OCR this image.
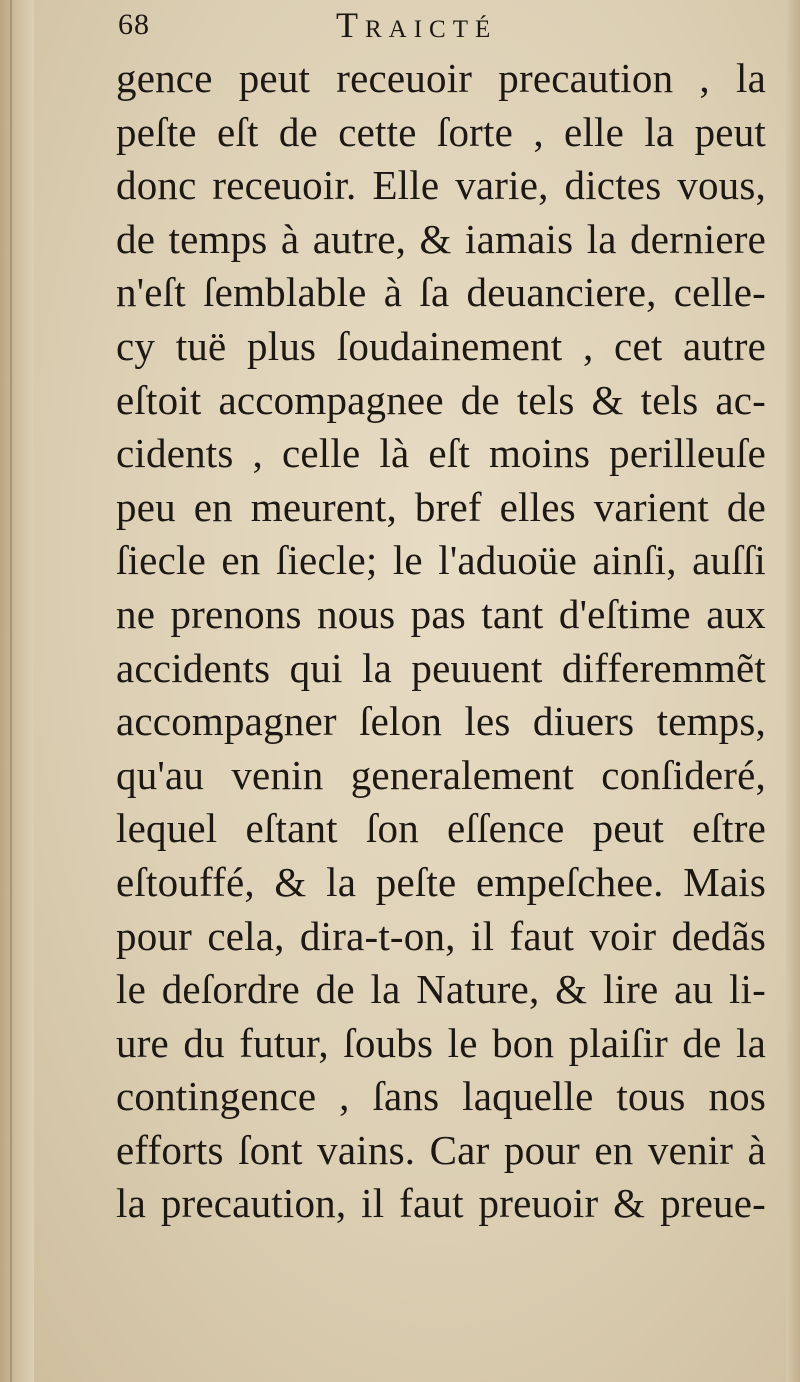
68	Traicté
gence peut receuoir precaution , la
peſte eſt de cette ſorte , elle la peut
donc receuoir. Elle varie, dictes vous,
de temps à autre, & iamais la derniere
n'eſt ſemblable à ſa deuanciere, celle-
cy tuë plus ſoudainement , cet autre
eſtoit accompagnee de tels & tels ac-
cidents , celle là eſt moins perilleuſe
peu en meurent, bref elles varient de
ſiecle en ſiecle; le l'aduoüe ainſi, auſſi
ne prenons nous pas tant d'eſtime aux
accidents qui la peuuent differemmẽt
accompagner ſelon les diuers temps,
qu'au venin generalement conſideré,
lequel eſtant ſon eſſence peut eſtre
eſtouffé, & la peſte empeſchee. Mais
pour cela, dira-t-on, il faut voir dedãs
le deſordre de la Nature, & lire au li-
ure du futur, ſoubs le bon plaiſir de la
contingence , ſans laquelle tous nos
efforts ſont vains. Car pour en venir à
la precaution, il faut preuoir & preue-
